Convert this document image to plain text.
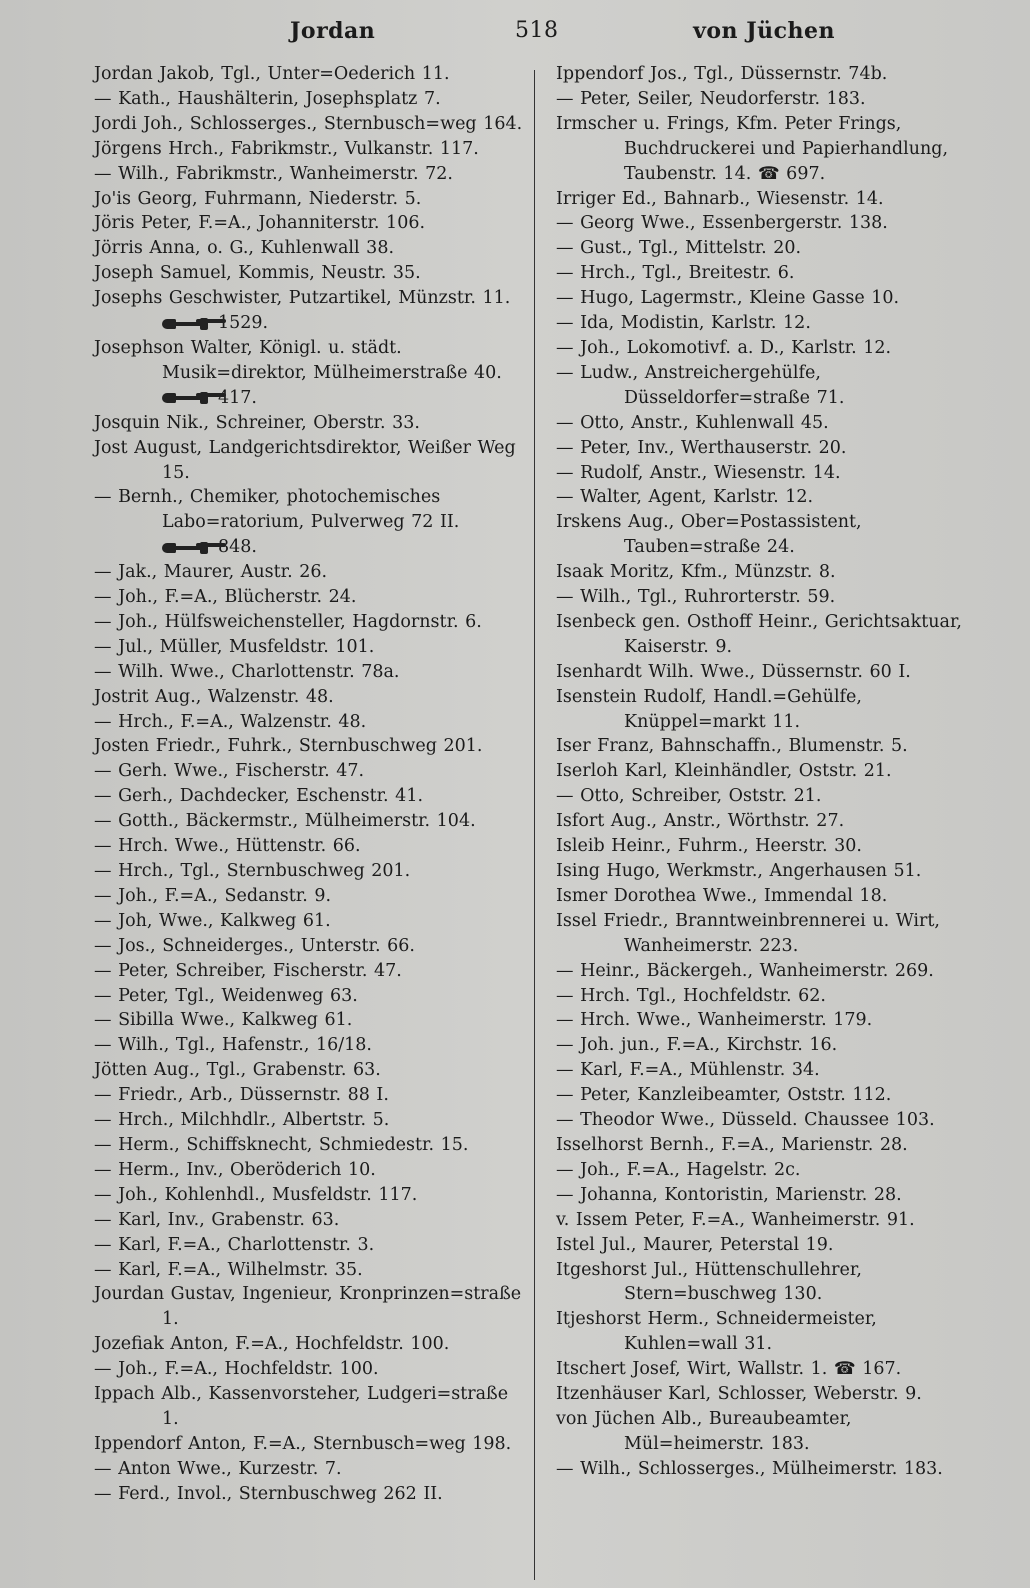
Jordan	518	von Jüchen
Jordan Jakob, Tgl., Unter=Oederich 11.
— Kath., Haushälterin, Josephsplatz 7.
Jordi Joh., Schlosserges., Sternbusch=weg 164.
Jörgens Hrch., Fabrikmstr., Vulkanstr. 117.
— Wilh., Fabrikmstr., Wanheimerstr. 72.
Jo'is Georg, Fuhrmann, Niederstr. 5.
Jöris Peter, F.=A., Johanniterstr. 106.
Jörris Anna, o. G., Kuhlenwall 38.
Joseph Samuel, Kommis, Neustr. 35.
Josephs Geschwister, Putzartikel, Münzstr. 11.
1529.
Josephson Walter, Königl. u. städt. Musik=direktor, Mülheimerstraße 40.
417.
Josquin Nik., Schreiner, Oberstr. 33.
Jost August, Landgerichtsdirektor, Weißer Weg 15.
— Bernh., Chemiker, photochemisches Labo=ratorium, Pulverweg 72 II.
848.
— Jak., Maurer, Austr. 26.
— Joh., F.=A., Blücherstr. 24.
— Joh., Hülfsweichensteller, Hagdornstr. 6.
— Jul., Müller, Musfeldstr. 101.
— Wilh. Wwe., Charlottenstr. 78a.
Jostrit Aug., Walzenstr. 48.
— Hrch., F.=A., Walzenstr. 48.
Josten Friedr., Fuhrk., Sternbuschweg 201.
— Gerh. Wwe., Fischerstr. 47.
— Gerh., Dachdecker, Eschenstr. 41.
— Gotth., Bäckermstr., Mülheimerstr. 104.
— Hrch. Wwe., Hüttenstr. 66.
— Hrch., Tgl., Sternbuschweg 201.
— Joh., F.=A., Sedanstr. 9.
— Joh, Wwe., Kalkweg 61.
— Jos., Schneiderges., Unterstr. 66.
— Peter, Schreiber, Fischerstr. 47.
— Peter, Tgl., Weidenweg 63.
— Sibilla Wwe., Kalkweg 61.
— Wilh., Tgl., Hafenstr., 16/18.
Jötten Aug., Tgl., Grabenstr. 63.
— Friedr., Arb., Düssernstr. 88 I.
— Hrch., Milchhdlr., Albertstr. 5.
— Herm., Schiffsknecht, Schmiedestr. 15.
— Herm., Inv., Oberöderich 10.
— Joh., Kohlenhdl., Musfeldstr. 117.
— Karl, Inv., Grabenstr. 63.
— Karl, F.=A., Charlottenstr. 3.
— Karl, F.=A., Wilhelmstr. 35.
Jourdan Gustav, Ingenieur, Kronprinzen=straße 1.
Jozefiak Anton, F.=A., Hochfeldstr. 100.
— Joh., F.=A., Hochfeldstr. 100.
Ippach Alb., Kassenvorsteher, Ludgeri=straße 1.
Ippendorf Anton, F.=A., Sternbusch=weg 198.
— Anton Wwe., Kurzestr. 7.
— Ferd., Invol., Sternbuschweg 262 II.
Ippendorf Jos., Tgl., Düssernstr. 74b.
— Peter, Seiler, Neudorferstr. 183.
Irmscher u. Frings, Kfm. Peter Frings, Buchdruckerei und Papierhandlung, Taubenstr. 14. ☎ 697.
Irriger Ed., Bahnarb., Wiesenstr. 14.
— Georg Wwe., Essenbergerstr. 138.
— Gust., Tgl., Mittelstr. 20.
— Hrch., Tgl., Breitestr. 6.
— Hugo, Lagermstr., Kleine Gasse 10.
— Ida, Modistin, Karlstr. 12.
— Joh., Lokomotivf. a. D., Karlstr. 12.
— Ludw., Anstreichergehülfe, Düsseldorfer=straße 71.
— Otto, Anstr., Kuhlenwall 45.
— Peter, Inv., Werthauserstr. 20.
— Rudolf, Anstr., Wiesenstr. 14.
— Walter, Agent, Karlstr. 12.
Irskens Aug., Ober=Postassistent, Tauben=straße 24.
Isaak Moritz, Kfm., Münzstr. 8.
— Wilh., Tgl., Ruhrorterstr. 59.
Isenbeck gen. Osthoff Heinr., Gerichtsaktuar, Kaiserstr. 9.
Isenhardt Wilh. Wwe., Düssernstr. 60 I.
Isenstein Rudolf, Handl.=Gehülfe, Knüppel=markt 11.
Iser Franz, Bahnschaffn., Blumenstr. 5.
Iserloh Karl, Kleinhändler, Oststr. 21.
— Otto, Schreiber, Oststr. 21.
Isfort Aug., Anstr., Wörthstr. 27.
Isleib Heinr., Fuhrm., Heerstr. 30.
Ising Hugo, Werkmstr., Angerhausen 51.
Ismer Dorothea Wwe., Immendal 18.
Issel Friedr., Branntweinbrennerei u. Wirt, Wanheimerstr. 223.
— Heinr., Bäckergeh., Wanheimerstr. 269.
— Hrch. Tgl., Hochfeldstr. 62.
— Hrch. Wwe., Wanheimerstr. 179.
— Joh. jun., F.=A., Kirchstr. 16.
— Karl, F.=A., Mühlenstr. 34.
— Peter, Kanzleibeamter, Oststr. 112.
— Theodor Wwe., Düsseld. Chaussee 103.
Isselhorst Bernh., F.=A., Marienstr. 28.
— Joh., F.=A., Hagelstr. 2c.
— Johanna, Kontoristin, Marienstr. 28.
v. Issem Peter, F.=A., Wanheimerstr. 91.
Istel Jul., Maurer, Peterstal 19.
Itgeshorst Jul., Hüttenschullehrer, Stern=buschweg 130.
Itjeshorst Herm., Schneidermeister, Kuhlen=wall 31.
Itschert Josef, Wirt, Wallstr. 1. ☎ 167.
Itzenhäuser Karl, Schlosser, Weberstr. 9.
von Jüchen Alb., Bureaubeamter, Mül=heimerstr. 183.
— Wilh., Schlosserges., Mülheimerstr. 183.
